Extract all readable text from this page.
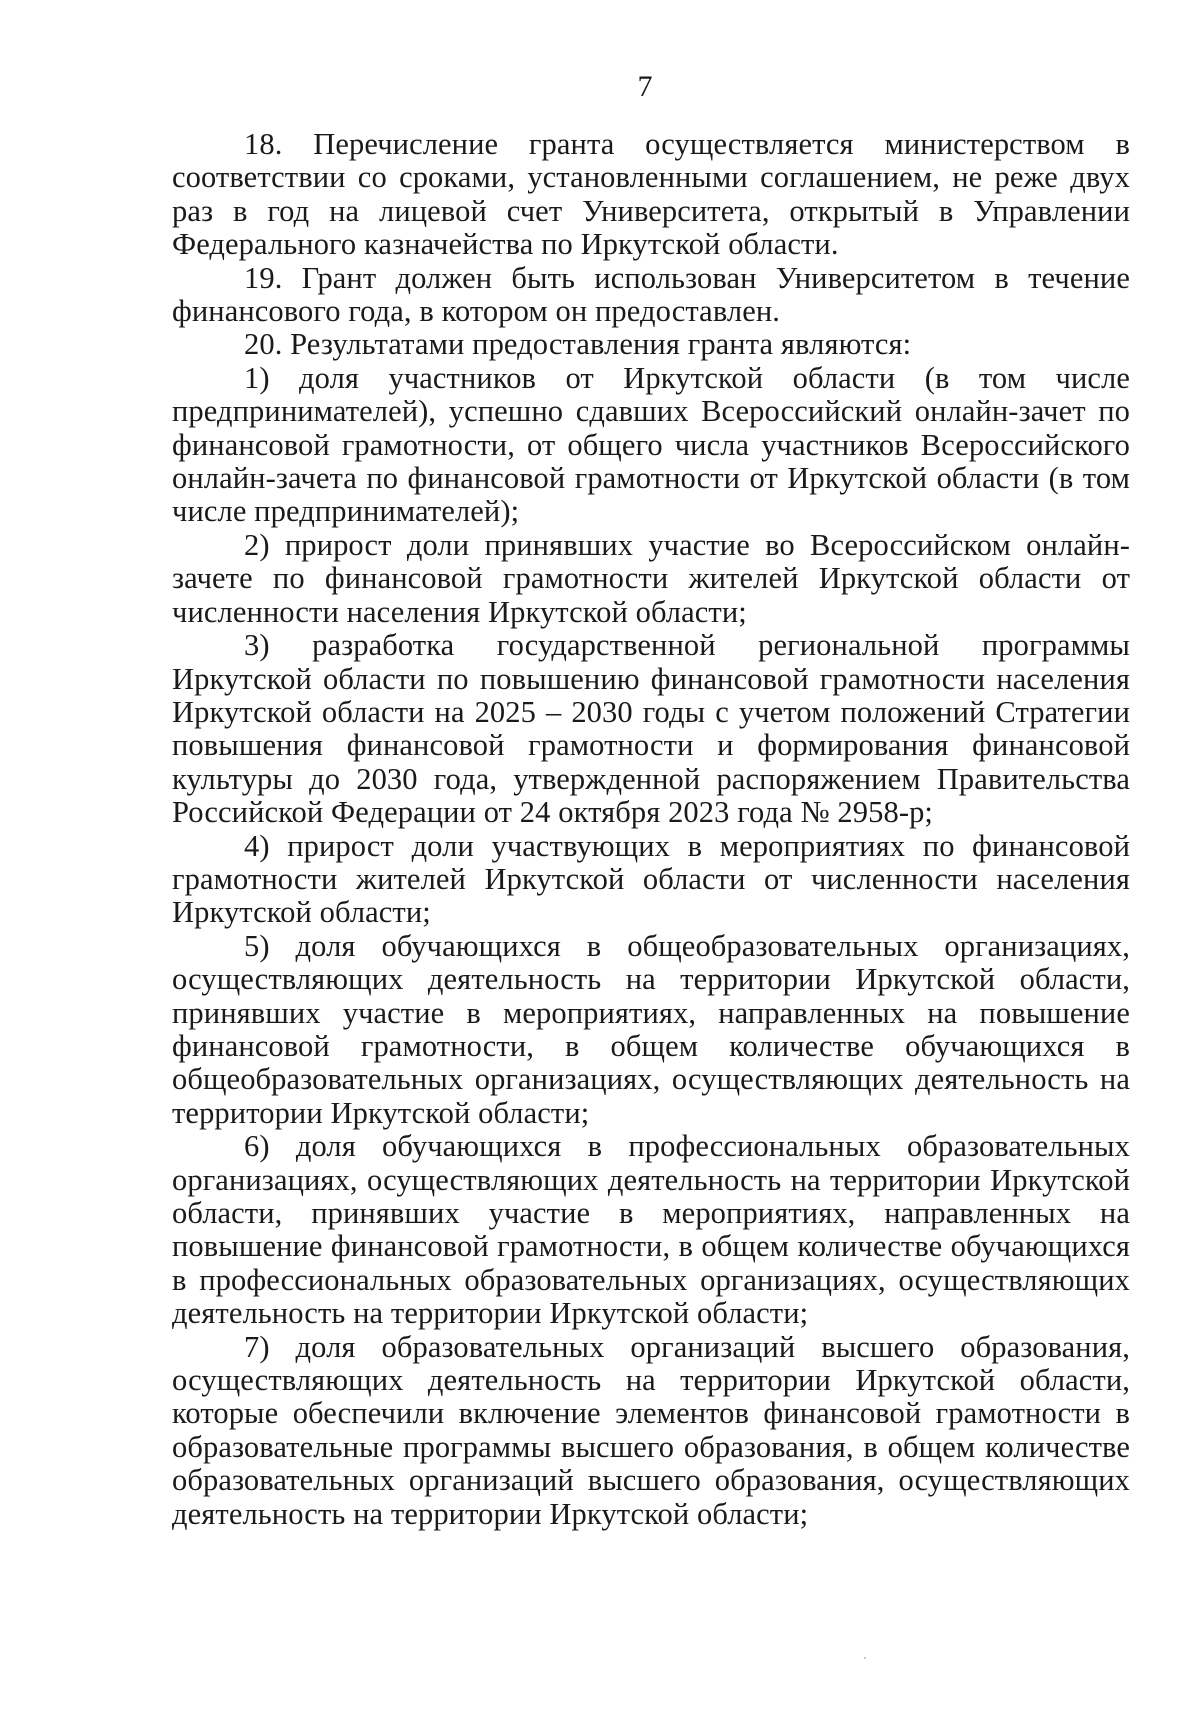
7

18. Перечисление гранта осуществляется министерством в соответствии со сроками, установленными соглашением, не реже двух раз в год на лицевой счет Университета, открытый в Управлении Федерального казначейства по Иркутской области.

19. Грант должен быть использован Университетом в течение финансового года, в котором он предоставлен.

20. Результатами предоставления гранта являются:

1) доля участников от Иркутской области (в том числе предпринимателей), успешно сдавших Всероссийский онлайн-зачет по финансовой грамотности, от общего числа участников Всероссийского онлайн-зачета по финансовой грамотности от Иркутской области (в том числе предпринимателей);

2) прирост доли принявших участие во Всероссийском онлайн-зачете по финансовой грамотности жителей Иркутской области от численности населения Иркутской области;

3) разработка государственной региональной программы Иркутской области по повышению финансовой грамотности населения Иркутской области на 2025 – 2030 годы с учетом положений Стратегии повышения финансовой грамотности и формирования финансовой культуры до 2030 года, утвержденной распоряжением Правительства Российской Федерации от 24 октября 2023 года № 2958-р;

4) прирост доли участвующих в мероприятиях по финансовой грамотности жителей Иркутской области от численности населения Иркутской области;

5) доля обучающихся в общеобразовательных организациях, осуществляющих деятельность на территории Иркутской области, принявших участие в мероприятиях, направленных на повышение финансовой грамотности, в общем количестве обучающихся в общеобразовательных организациях, осуществляющих деятельность на территории Иркутской области;

6) доля обучающихся в профессиональных образовательных организациях, осуществляющих деятельность на территории Иркутской области, принявших участие в мероприятиях, направленных на повышение финансовой грамотности, в общем количестве обучающихся в профессиональных образовательных организациях, осуществляющих деятельность на территории Иркутской области;

7) доля образовательных организаций высшего образования, осуществляющих деятельность на территории Иркутской области, которые обеспечили включение элементов финансовой грамотности в образовательные программы высшего образования, в общем количестве образовательных организаций высшего образования, осуществляющих деятельность на территории Иркутской области;
